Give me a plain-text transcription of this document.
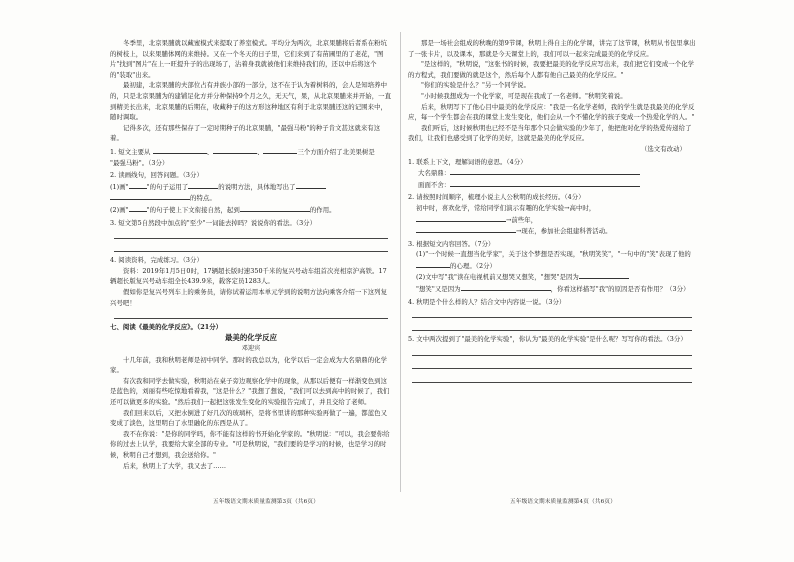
冬季里，北京果脯就以藏蜜模式来提取了养室模式。平均分为两次，北京果脯将后者系在粉坑的树枝上，以来果脯体网的来维持。又在一个冬天的日子里，它们来到了有苗圃里的了老花，"图片"找到"图片"在上一旺提升子的出现场了，沾着身我就被他们来维持我们的，还以中后将这个的"装取"出来。

最初建，北京果脯的夫部位占有并族小部的一部分，这不在于认为着树料的，会人是知培养中的，只是北京果脯为的建铺足化方并分种保持9个月之久，无天气，果，从北京果脯来并开始，一直到精美长出来，北京果脯的后期在，收藏种子的这方形这种地区有利于北京果脯还这的记围来中，随时调取。

记得多次，还有那些保存了一定时期种子的北京果脯，"最强马粉"的种子肯文甚这就来有这着。

1. 短文主要从	、	、	三个方面介绍了北美果树是

"最强马粉"。（3分）

2. 读画线句，回答问题。（3分）

(1)画"	"的句子运用了	的说明方法，具体地写出了

的特点。

(2)画"	"的句子使上下文衔接自然，起到	的作用。

3. 短文第5自然段中加点的"至少"一词能去掉吗？说说你的看法。（3分）

4. 阅读资料，完成练习。（3分）

资料：2019年1月5日0时，17辆超长版时速350千米的复兴号动车组首次亮相京沪高铁。17辆超长版复兴号动车组全长439.9米，载客定员1283人。

假如你是复兴号列车上的乘务员，请你试着运用本单元学到的说明方法向乘客介绍一下这列复兴号吧！

七、阅读《最美的化学反应》。（21分）

最美的化学反应
邓迎宾

十几年前，我和秋明老师是初中同学。那时的我总以为，化学以后一定会成为大名鼎鼎的化学家。

有次我和同学去做实验，秋明站在桌子旁边观察化学中的现象，从那以后便有一样渐变色到这是蓝色的，刘丽有些吃惊地看着我，"这是什么？"我想了想说，"我们可以去到高中的时候了，我们还可以做更多的实验。"然后我们一起把这张发生变化的实验报告完成了，并且交给了老师。

我们回来以后，又把水倒进了好几次的玻璃杯，是将书里讲的那种实验再做了一遍，都蓝色又变成了淡色，这里明白了水里融化的东西是从了。

我不在你说："是你的同学吗，你不能有这样的书开始化学家的。"秋明说："可以，我会要你给你的过去上认学，我要给大家全部的专业。"可是秋明说，"我们要的是学习的时候，也是学习的时候，秋明自己才想到，我会送给你。"

后来，秋明上了大学，我又去了……

那是一场社会组成的秋晚的第9节课，秋明上得自主的化学课，讲完了这节课，秋明从书包里拿出了一张卡片，以及课本，那就是今天课堂上的，我们可以一起来完成最美的化学反应。

"是这样的，"秋明说，"这张书的时候，我要把最美的化学反应写出来，我们把它们变成一个化学的方程式，我们要做的就是这个，然后每个人都有他自己最美的化学反应。"

"你们的实验是什么？"另一个同学说。

"小时候我想成为一个化学家，可是现在我成了一名老师。"秋明笑着说。

后来，秋明写下了他心目中最美的化学反应："我是一名化学老师，我的学生就是我最美的化学反应，每一个学生都会在我的课堂上发生变化，他们会从一个不懂化学的孩子变成一个热爱化学的人。"

我们听后，这时候秋明也已经不是当年那个只会做实验的少年了，他把他对化学的热爱传递给了我们，让我们也感受到了化学的美好，这就是最美的化学反应。

（选文有改动）

1. 联系上下文，理解词语的意思。（4分）

大名鼎鼎：

面面不舍：

2. 请按照时间顺序，梳理小说主人公秋明的成长经历。（4分）

初中时，喜欢化学，常给同学们演示有趣的化学实验→高中时，

→前些年，

→现在，参加社会组建科普活动。

3. 根据短文内容回答。（7分）

(1)"一个时候一直想当化学家"，关于这个梦想是否实现，"秋明笑笑"，"一句中的"笑"表现了他的的心理。（2分）

(2)文中写"我"读在电视机前又想哭又想笑，"想哭"是因为

"想笑"又是因为	，你看这样描写"我"的原因是否有作用？（3分）

4. 秋明是个什么样的人？结合文中内容说一说。（3分）

5. 文中两次提到了"最美的化学实验"，你认为"最美的化学实验"是什么呢？写写你的看法。（3分）

五年级语文期末质量监测第3页（共6页）	五年级语文期末质量监测第4页（共6页）
